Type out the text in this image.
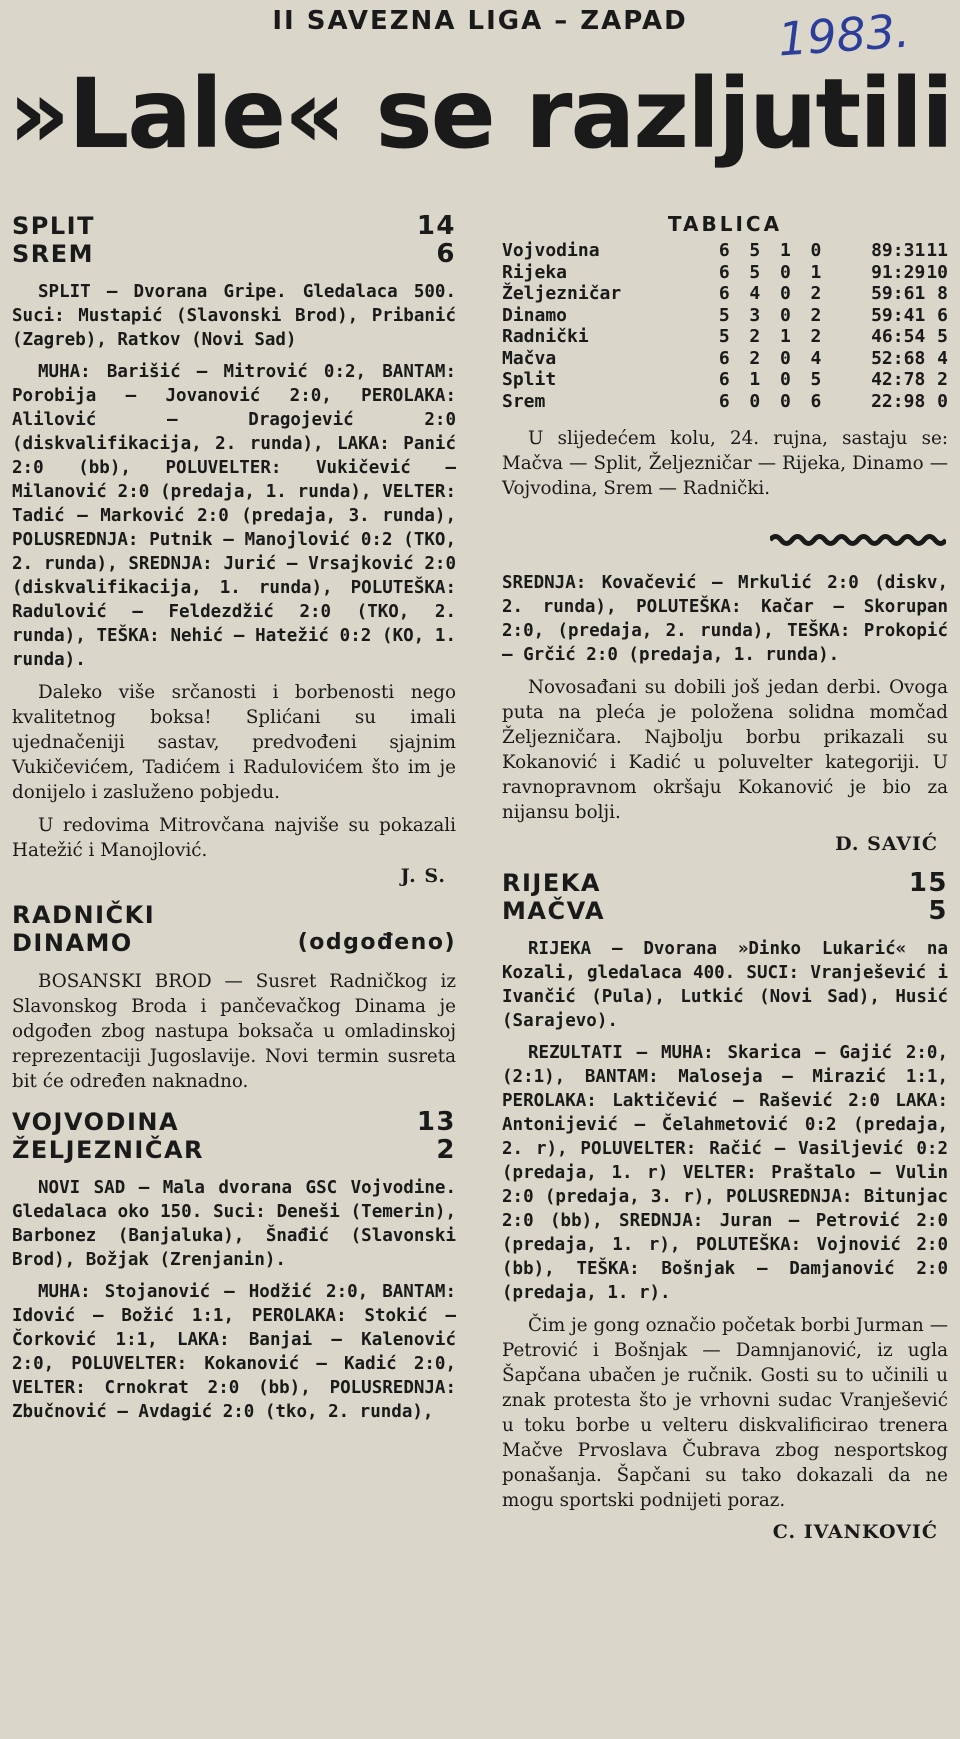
II SAVEZNA LIGA – ZAPAD	1983.
»Lale« se razljutili
SPLIT	14
SREM	6

SPLIT — Dvorana Gripe. Gledalaca 500. Suci: Mustapić (Slavonski Brod), Pribanić (Zagreb), Ratkov (Novi Sad)

MUHA: Barišić — Mitrović 0:2, BANTAM: Porobija — Jovanović 2:0, PEROLAKA: Alilović — Dragojević 2:0 (diskvalifikacija, 2. runda), LAKA: Panić 2:0 (bb), POLUVELTER: Vukičević — Milanović 2:0 (predaja, 1. runda), VELTER: Tadić — Marković 2:0 (predaja, 3. runda), POLUSREDNJA: Putnik — Manojlović 0:2 (TKO, 2. runda), SREDNJA: Jurić — Vrsajković 2:0 (diskvalifikacija, 1. runda), POLUTEŠKA: Radulović — Feldezdžić 2:0 (TKO, 2. runda), TEŠKA: Nehić — Hatežić 0:2 (KO, 1. runda).

Daleko više srčanosti i borbenosti nego kvalitetnog boksa! Splićani su imali ujednačeniji sastav, predvođeni sjajnim Vukičevićem, Tadićem i Radulovićem što im je donijelo i zasluženo pobjedu.

U redovima Mitrovčana najviše su pokazali Hatežić i Manojlović.

J. S.
RADNIČKI
DINAMO	(odgođeno)

BOSANSKI BROD — Susret Radničkog iz Slavonskog Broda i pančevačkog Dinama je odgođen zbog nastupa boksača u omladinskoj reprezentaciji Jugoslavije. Novi termin susreta bit će određen naknadno.

VOJVODINA	13
ŽELJEZNIČAR	2

NOVI SAD — Mala dvorana GSC Vojvodine. Gledalaca oko 150. Suci: Deneši (Temerin), Barbonez (Banjaluka), Šnađić (Slavonski Brod), Božjak (Zrenjanin).

MUHA: Stojanović — Hodžić 2:0, BANTAM: Idović — Božić 1:1, PEROLAKA: Stokić — Čorković 1:1, LAKA: Banjai — Kalenović 2:0, POLUVELTER: Kokanović — Kadić 2:0, VELTER: Crnokrat 2:0 (bb), POLUSREDNJA: Zbučnović — Avdagić 2:0 (tko, 2. runda),

TABLICA
Vojvodina	6	5	1	0	89:31	11
Rijeka	6	5	0	1	91:29	10
Željezničar	6	4	0	2	59:61	8
Dinamo	5	3	0	2	59:41	6
Radnički	5	2	1	2	46:54	5
Mačva	6	2	0	4	52:68	4
Split	6	1	0	5	42:78	2
Srem	6	0	0	6	22:98	0

U slijedećem kolu, 24. rujna, sastaju se: Mačva — Split, Željezničar — Rijeka, Dinamo — Vojvodina, Srem — Radnički.

SREDNJA: Kovačević — Mrkulić 2:0 (diskv, 2. runda), POLUTEŠKA: Kačar — Skorupan 2:0, (predaja, 2. runda), TEŠKA: Prokopić — Grčić 2:0 (predaja, 1. runda).

Novosađani su dobili još jedan derbi. Ovoga puta na pleća je položena solidna momčad Željezničara. Najbolju borbu prikazali su Kokanović i Kadić u poluvelter kategoriji. U ravnopravnom okršaju Kokanović je bio za nijansu bolji.

D. SAVIĆ
RIJEKA	15
MAČVA	5

RIJEKA — Dvorana »Dinko Lukarić« na Kozali, gledalaca 400. SUCI: Vranješević i Ivančić (Pula), Lutkić (Novi Sad), Husić (Sarajevo).

REZULTATI — MUHA: Skarica — Gajić 2:0, (2:1), BANTAM: Maloseja — Mirazić 1:1, PEROLAKA: Laktičević — Rašević 2:0 LAKA: Antonijević — Čelahmetović 0:2 (predaja, 2. r), POLUVELTER: Račić — Vasiljević 0:2 (predaja, 1. r) VELTER: Praštalo — Vulin 2:0 (predaja, 3. r), POLUSREDNJA: Bitunjac 2:0 (bb), SREDNJA: Juran — Petrović 2:0 (predaja, 1. r), POLUTEŠKA: Vojnović 2:0 (bb), TEŠKA: Bošnjak — Damjanović 2:0 (predaja, 1. r).

Čim je gong označio početak borbi Jurman — Petrović i Bošnjak — Damnjanović, iz ugla Šapčana ubačen je ručnik. Gosti su to učinili u znak protesta što je vrhovni sudac Vranješević u toku borbe u velteru diskvalificirao trenera Mačve Prvoslava Čubrava zbog nesportskog ponašanja. Šapčani su tako dokazali da ne mogu sportski podnijeti poraz.

C. IVANKOVIĆ
